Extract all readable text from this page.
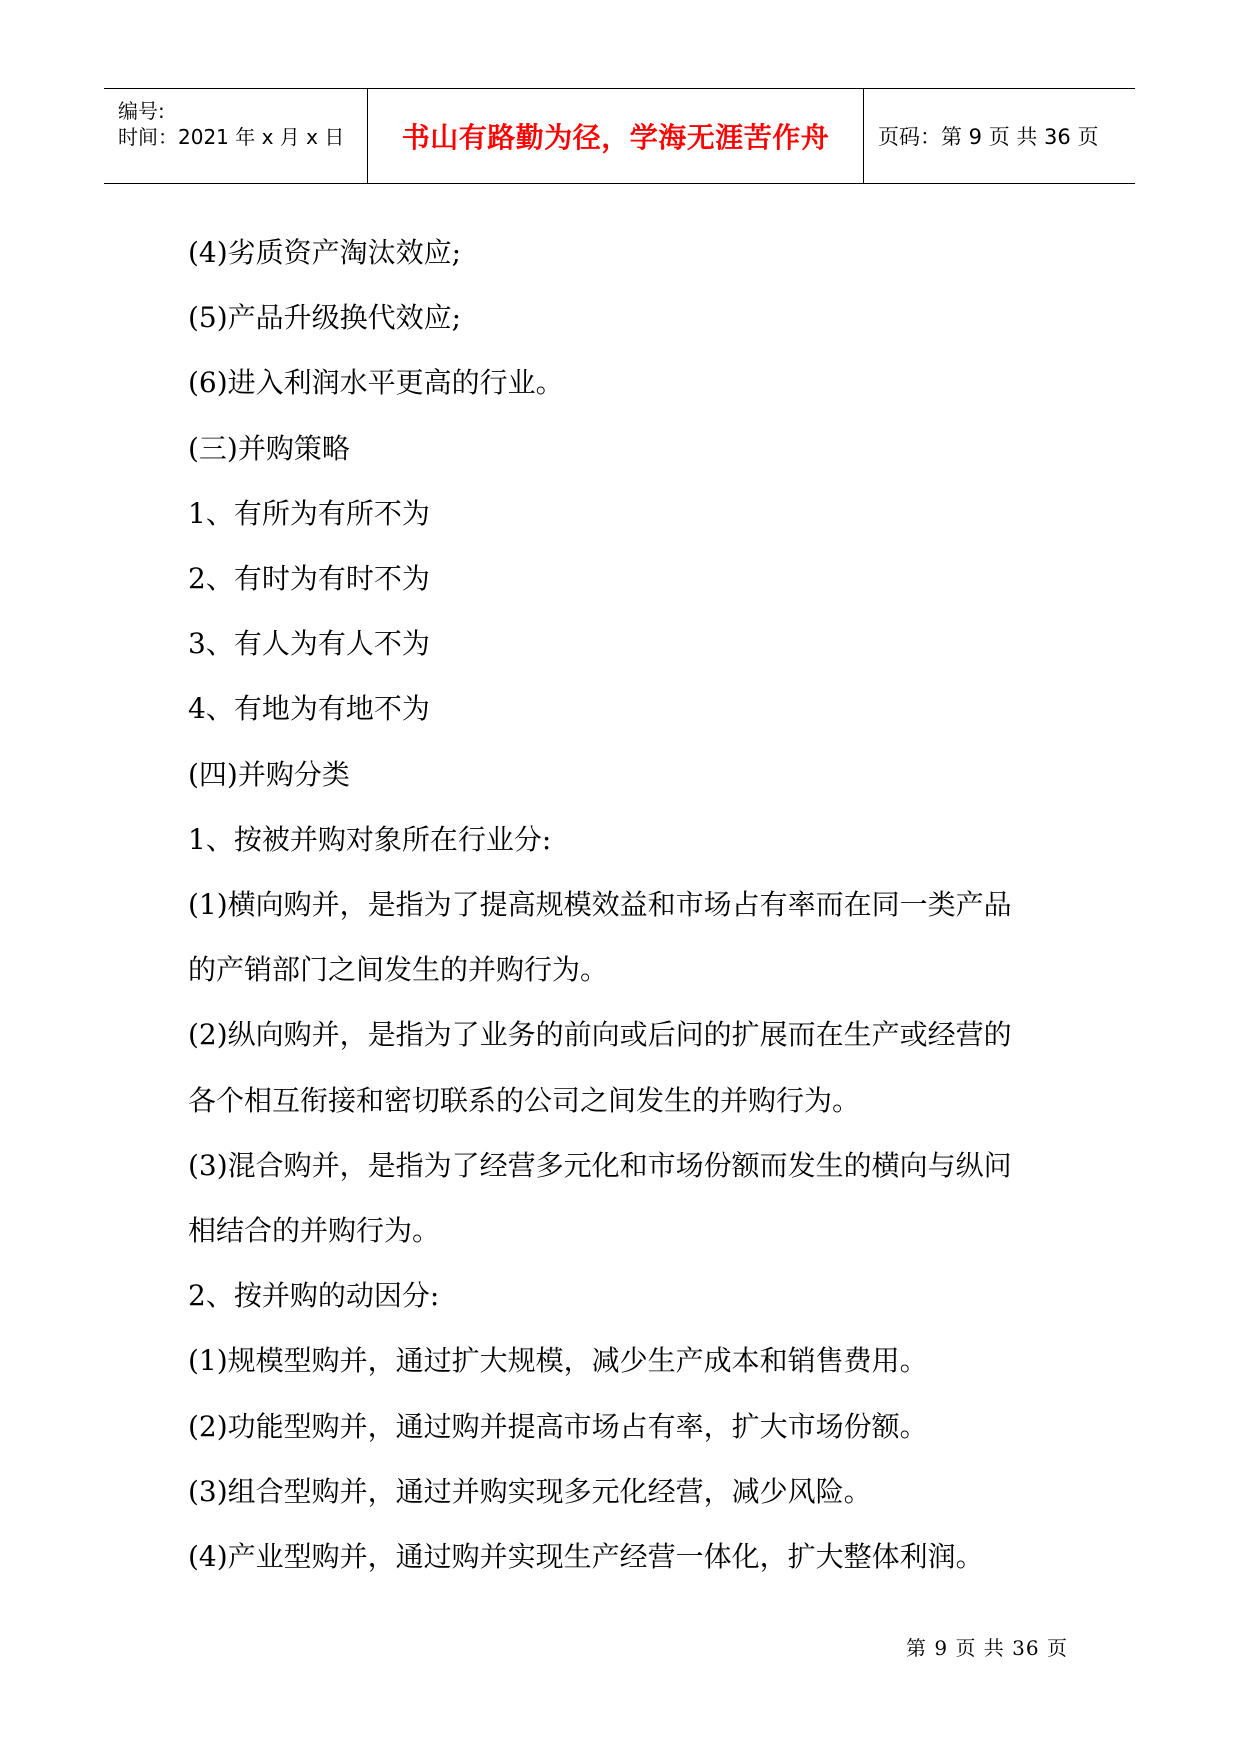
编号:
时间：2021 年 x 月 x 日	书山有路勤为径，学海无涯苦作舟	页码：第 9 页 共 36 页

(4)劣质资产淘汰效应;

(5)产品升级换代效应;

(6)进入利润水平更高的行业。

(三)并购策略

1、有所为有所不为

2、有时为有时不为

3、有人为有人不为

4、有地为有地不为

(四)并购分类

1、按被并购对象所在行业分:

(1)横向购并，是指为了提高规模效益和市场占有率而在同一类产品

的产销部门之间发生的并购行为。

(2)纵向购并，是指为了业务的前向或后问的扩展而在生产或经营的

各个相互衔接和密切联系的公司之间发生的并购行为。

(3)混合购并，是指为了经营多元化和市场份额而发生的横向与纵问

相结合的并购行为。

2、按并购的动因分:

(1)规模型购并，通过扩大规模，减少生产成本和销售费用。

(2)功能型购并，通过购并提高市场占有率，扩大市场份额。

(3)组合型购并，通过并购实现多元化经营，减少风险。

(4)产业型购并，通过购并实现生产经营一体化，扩大整体利润。

第 9 页 共 36 页
